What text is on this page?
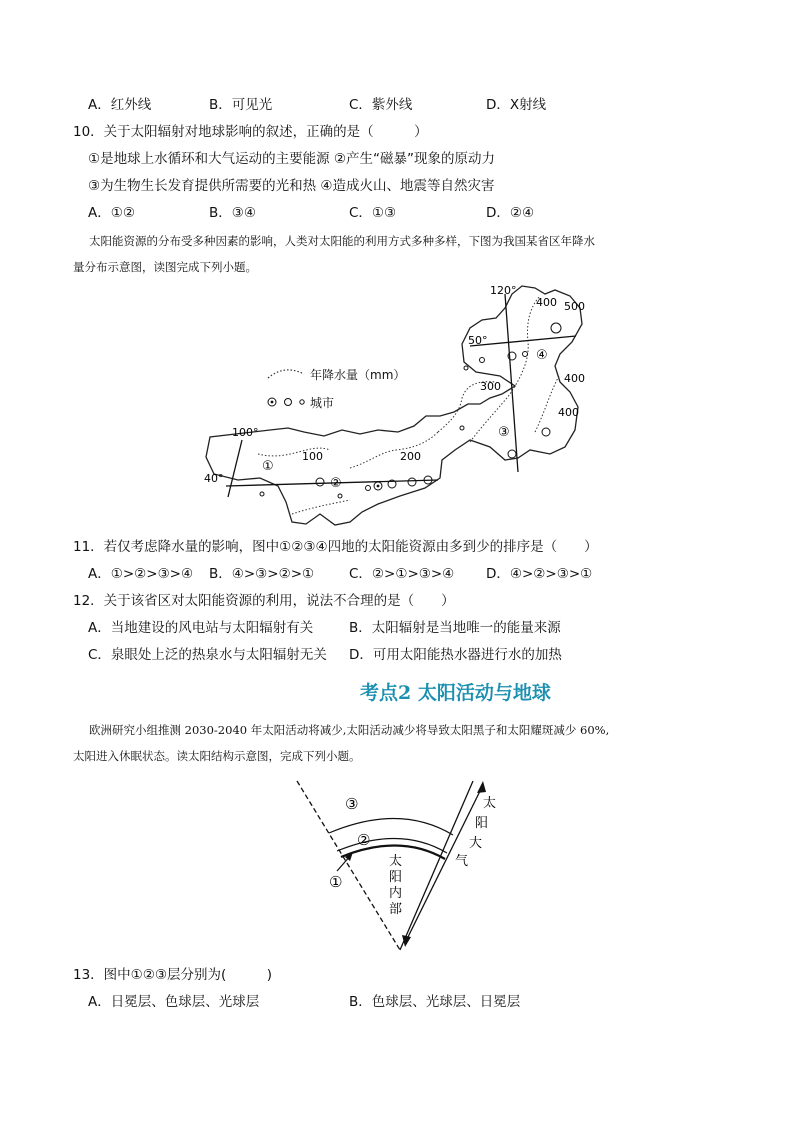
A．红外线	B．可见光	C．紫外线	D．X射线
10．关于太阳辐射对地球影响的叙述，正确的是（　　　）
①是地球上水循环和大气运动的主要能源 ②产生“磁暴”现象的原动力
③为生物生长发育提供所需要的光和热 ④造成火山、地震等自然灾害
A．①②	B．③④	C．①③	D．②④
太阳能资源的分布受多种因素的影响，人类对太阳能的利用方式多种多样，下图为我国某省区年降水
量分布示意图，读图完成下列小题。
年降水量（mm）
城市
120°
100°
50°
40°
500
400
400
400
300
200
100
①
②
③
④
11．若仅考虑降水量的影响，图中①②③④四地的太阳能资源由多到少的排序是（　　）
A．①>②>③>④ B．④>③>②>①	C．②>①>③>④ D．④>②>③>①
12．关于该省区对太阳能资源的利用，说法不合理的是（　　）
A．当地建设的风电站与太阳辐射有关	B．太阳辐射是当地唯一的能量来源
C．泉眼处上泛的热泉水与太阳辐射无关 D．可用太阳能热水器进行水的加热
考点2 太阳活动与地球
欧洲研究小组推测 2030-2040 年太阳活动将减少,太阳活动减少将导致太阳黑子和太阳耀斑减少 60%,
太阳进入休眠状态。读太阳结构示意图，完成下列小题。
③
②
①
太
阳
内
部
太
阳
大
气
13．图中①②③层分别为(　　　)
A．日冕层、色球层、光球层	B．色球层、光球层、日冕层
